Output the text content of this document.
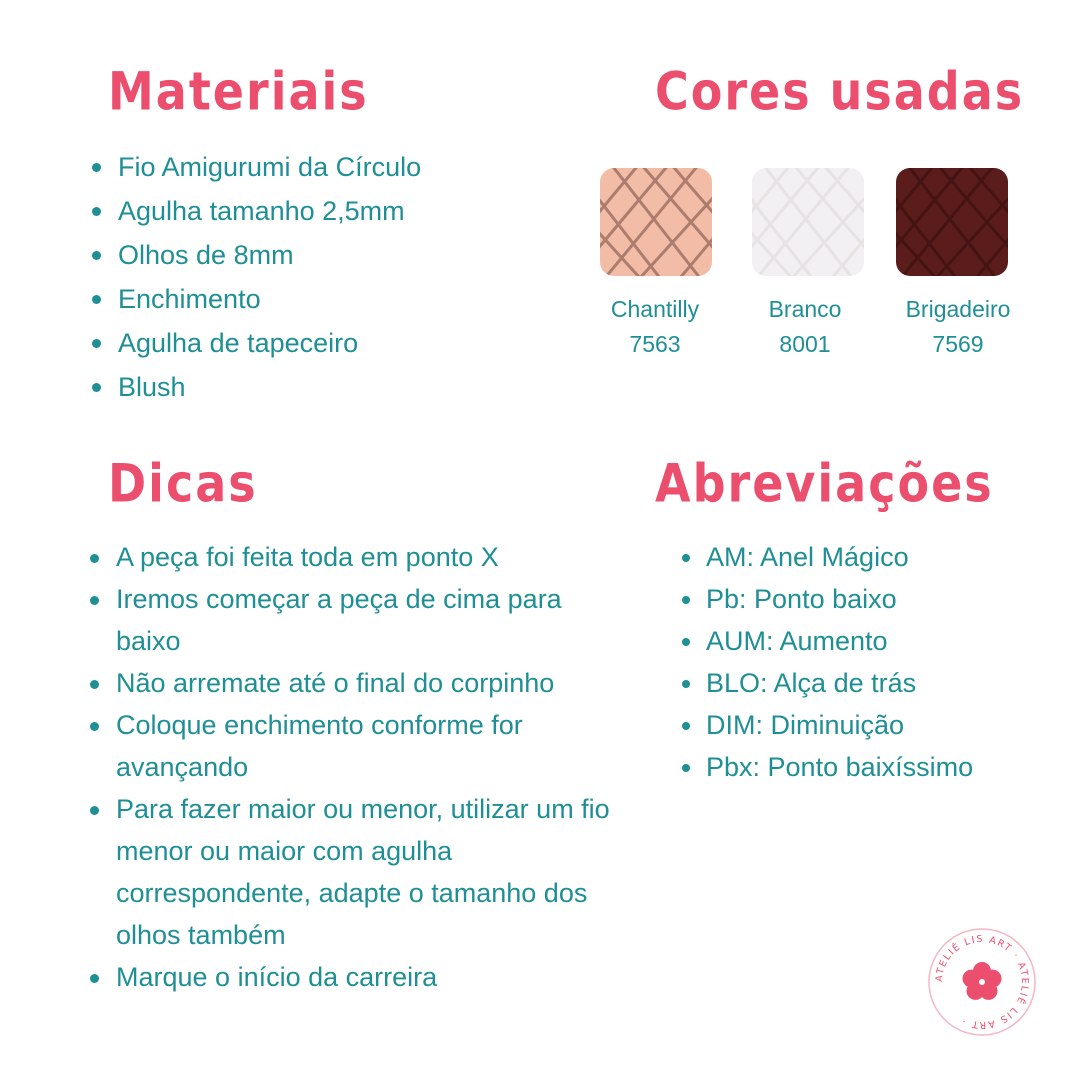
Materiais	Cores usadas
Dicas	Abreviações
Fio Amigurumi da Círculo
Agulha tamanho 2,5mm
Olhos de 8mm
Enchimento
Agulha de tapeceiro
Blush
Chantilly
7563
Branco
8001
Brigadeiro
7569
A peça foi feita toda em ponto X
Iremos começar a peça de cima para baixo
Não arremate até o final do corpinho
Coloque enchimento conforme for avançando
Para fazer maior ou menor, utilizar um fio menor ou maior com agulha correspondente, adapte o tamanho dos olhos também
Marque o início da carreira
AM: Anel Mágico
Pb: Ponto baixo
AUM: Aumento
BLO: Alça de trás
DIM: Diminuição
Pbx: Ponto baixíssimo
ATELIÊ LIS ART · ATELIÊ LIS ART ·
